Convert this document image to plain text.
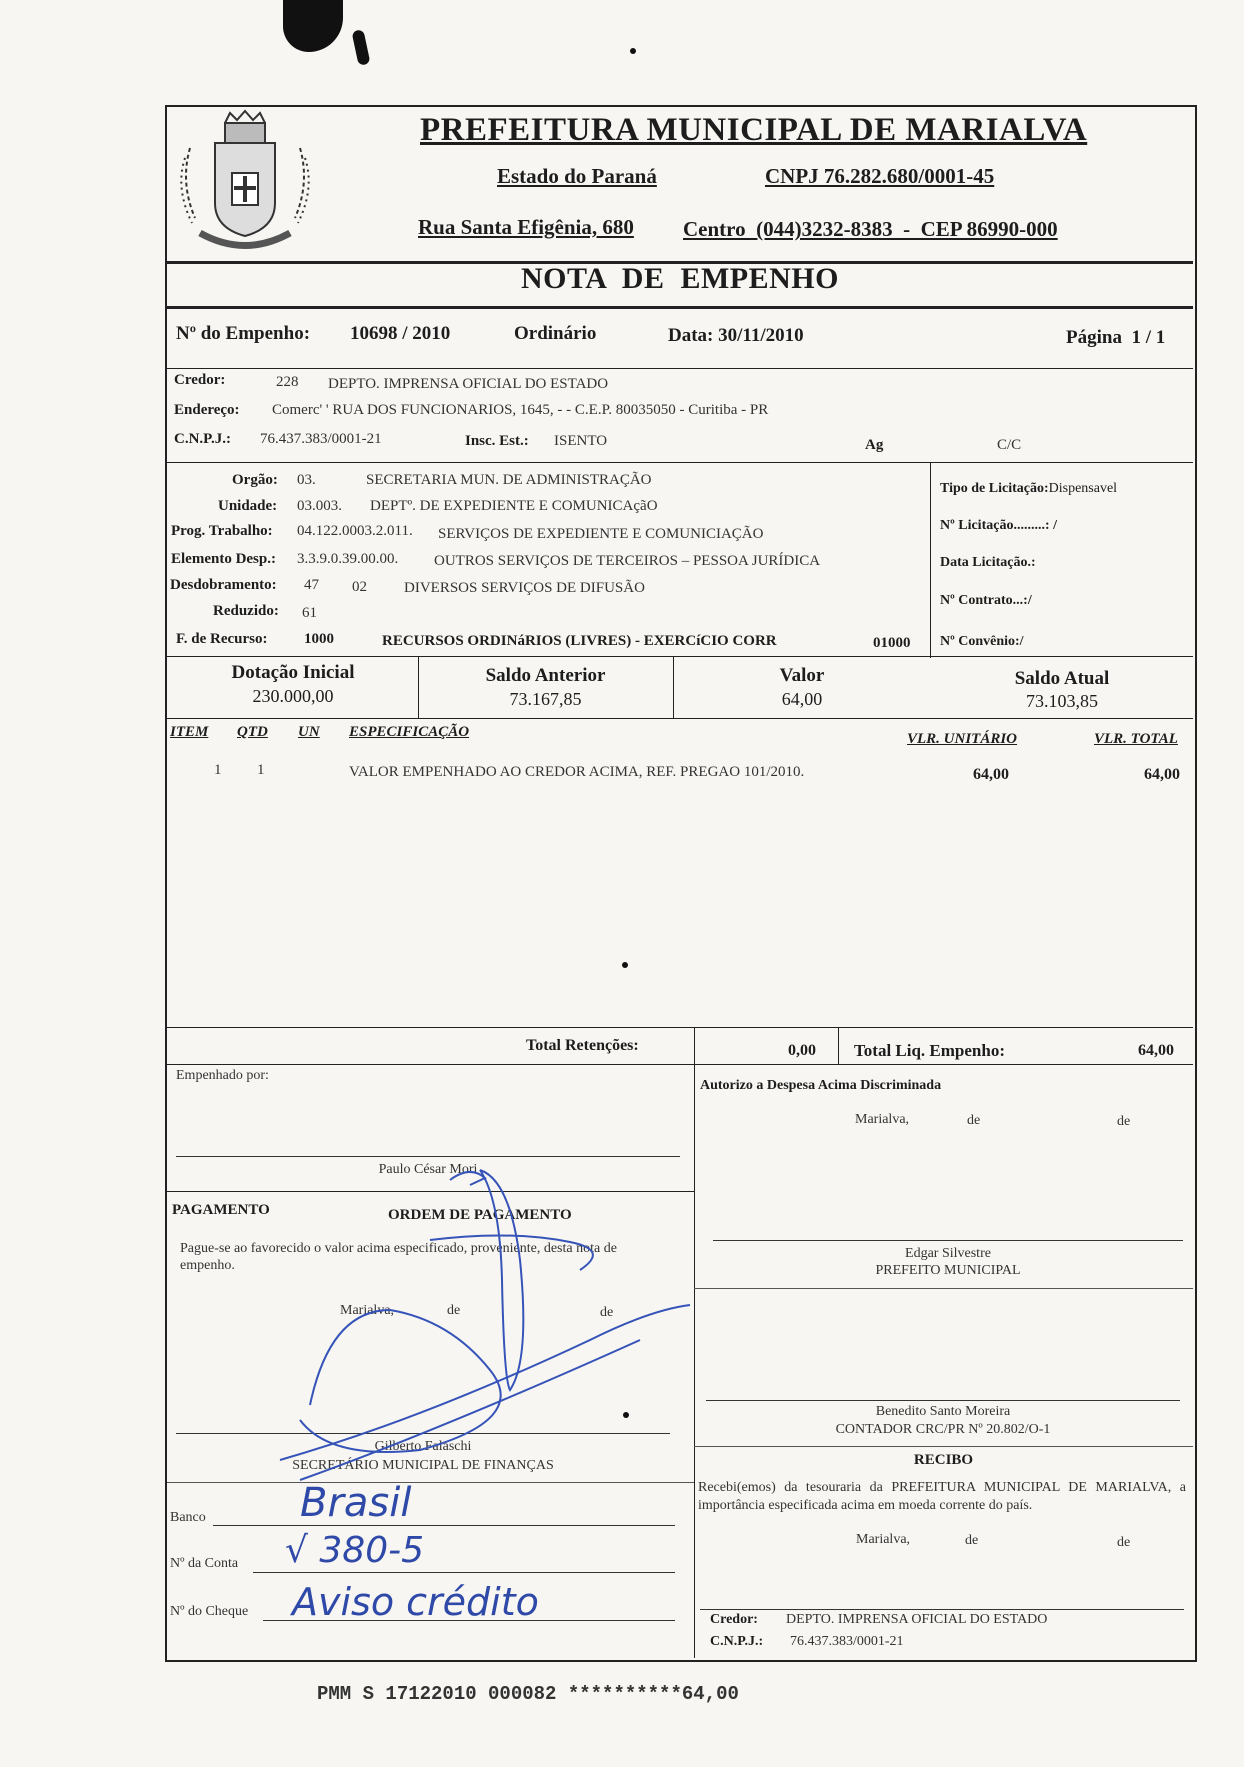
PREFEITURA MUNICIPAL DE MARIALVA
Estado do Paraná	CNPJ 76.282.680/0001-45
Rua Santa Efigênia, 680 Centro  (044)3232-8383  -  CEP 86990-000
NOTA  DE  EMPENHO
Nº do Empenho: 10698 / 2010	Ordinário	Data: 30/11/2010	Página  1 / 1
Credor:	228 DEPTO. IMPRENSA OFICIAL DO ESTADO
Endereço: Comerc' ' RUA DOS FUNCIONARIOS, 1645, - - C.E.P. 80035050 - Curitiba - PR
C.N.P.J.: 76.437.383/0001-21	Insc. Est.: ISENTO	Ag	C/C
Orgão: 03.	SECRETARIA MUN. DE ADMINISTRAÇÃO
Unidade: 03.003. DEPTº. DE EXPEDIENTE E COMUNICAçãO
Prog. Trabalho: 04.122.0003.2.011. SERVIÇOS DE EXPEDIENTE E COMUNICIAÇÃO
Elemento Desp.: 3.3.9.0.39.00.00. OUTROS SERVIÇOS DE TERCEIROS – PESSOA JURÍDICA
Desdobramento: 47 02 DIVERSOS SERVIÇOS DE DIFUSÃO
Reduzido: 61
F. de Recurso: 1000	RECURSOS ORDINáRIOS (LIVRES) - EXERCíCIO CORR	01000
Tipo de Licitação:Dispensavel
Nº Licitação.........: /
Data Licitação.:
Nº Contrato...:/
Nº Convênio:/
Dotação Inicial
230.000,00
Saldo Anterior
73.167,85
Valor
64,00
Saldo Atual
73.103,85
ITEM QTD UN ESPECIFICAÇÃO	VLR. UNITÁRIO	VLR. TOTAL
1 1	VALOR EMPENHADO AO CREDOR ACIMA, REF. PREGAO 101/2010.	64,00	64,00
Total Retenções:	0,00 Total Liq. Empenho:	64,00
Empenhado por:
Paulo César Mori
PAGAMENTO	ORDEM DE PAGAMENTO
Pague-se ao favorecido o valor acima especificado, proveniente, desta nota de empenho.
Marialva,	de	de
Gilberto Falaschi
SECRETÁRIO MUNICIPAL DE FINANÇAS
Banco Brasil
Nº da Conta √ 380-5
Nº do Cheque Aviso crédito
Autorizo a Despesa Acima Discriminada
Marialva,	de	de
Edgar Silvestre
PREFEITO MUNICIPAL
Benedito Santo Moreira
CONTADOR CRC/PR Nº 20.802/O-1
RECIBO
Recebi(emos) da tesouraria da PREFEITURA MUNICIPAL DE MARIALVA, a importância especificada acima em moeda corrente do país.
Marialva,	de	de
Credor: DEPTO. IMPRENSA OFICIAL DO ESTADO
C.N.P.J.: 76.437.383/0001-21
PMM S 17122010 000082 **********64,00
